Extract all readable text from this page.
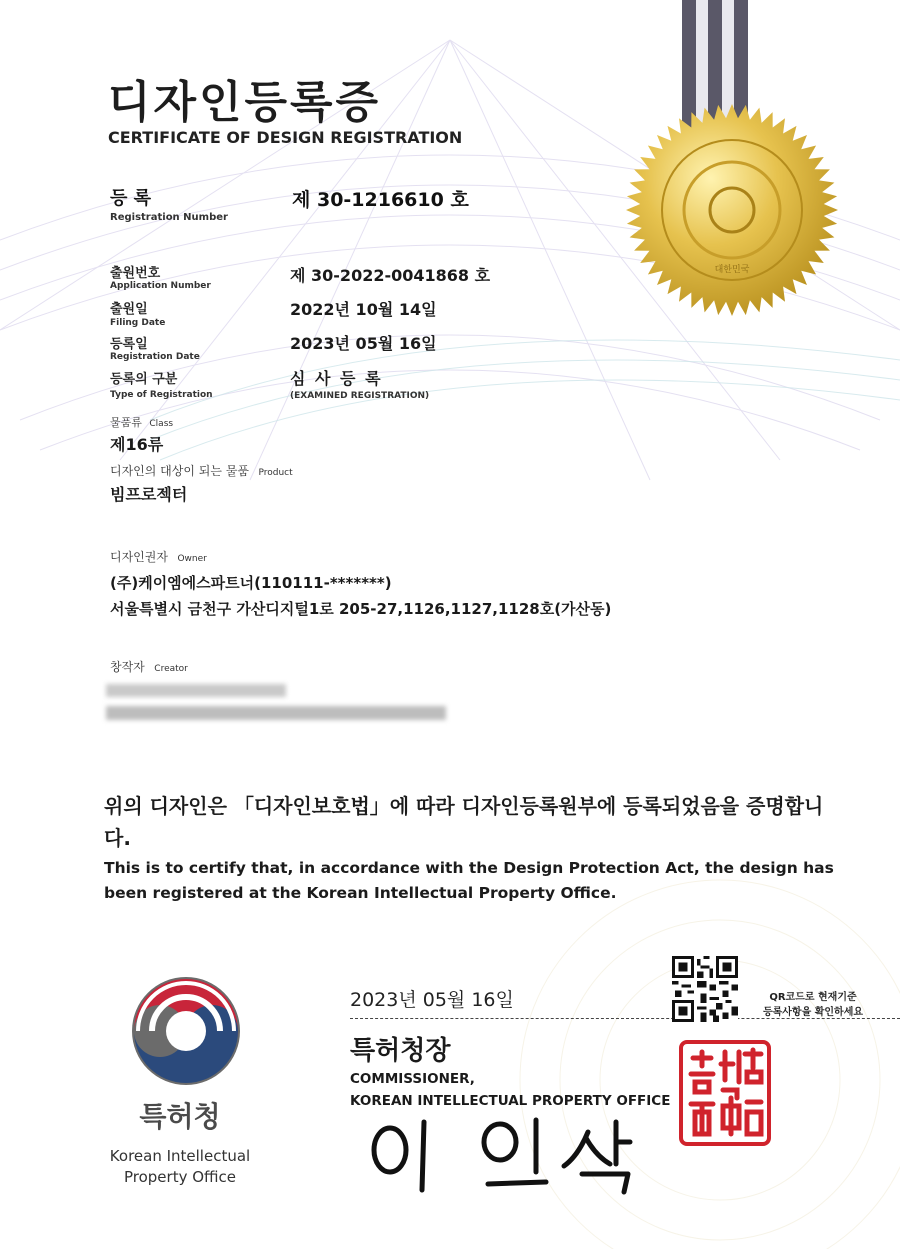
대한민국
디자인등록증
CERTIFICATE OF DESIGN REGISTRATION
등 록
Registration Number
제 30-1216610 호
출원번호
Application Number
제 30-2022-0041868 호
출원일
Filing Date
2022년 10월 14일
등록일
Registration Date
2023년 05월 16일
등록의 구분
Type of Registration
심 사 등 록
(EXAMINED REGISTRATION)
물품류 Class
제16류
디자인의 대상이 되는 물품 Product
빔프로젝터
디자인권자 Owner
(주)케이엠에스파트너(110111-*******)
서울특별시 금천구 가산디지털1로 205-27,1126,1127,1128호(가산동)
창작자 Creator
위의 디자인은 「디자인보호법」에 따라 디자인등록원부에 등록되었음을 증명합니다.
This is to certify that, in accordance with the Design Protection Act, the design has been registered at the Korean Intellectual Property Office.
특허청
Korean Intellectual Property Office
2023년 05월 16일	QR코드로 현재기준
등록사항을 확인하세요
특허청장
COMMISSIONER,
KOREAN INTELLECTUAL PROPERTY OFFICE
